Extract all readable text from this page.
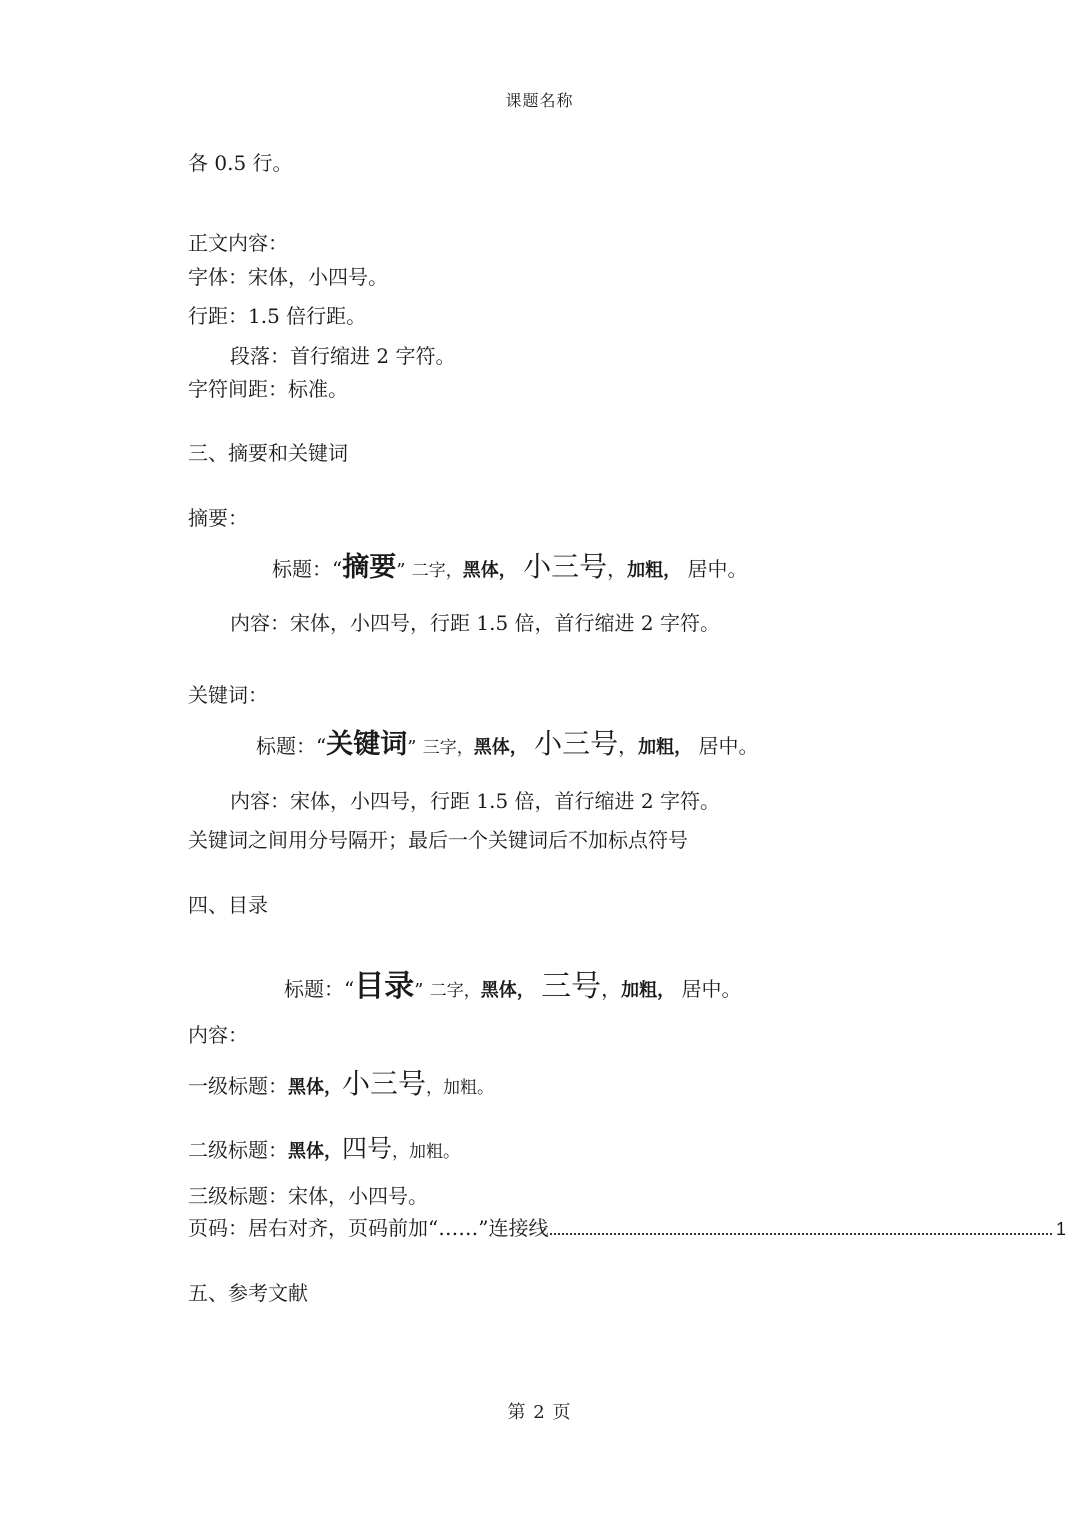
课题名称
各 0.5 行。
正文内容：
字体：宋体，小四号。
行距：1.5 倍行距。
段落：首行缩进 2 字符。
字符间距：标准。
三、摘要和关键词
摘要：
标题：“摘要” 二字，黑体， 小三号，加粗， 居中。
内容：宋体，小四号，行距 1.5 倍，首行缩进 2 字符。
关键词：
标题：“关键词” 三字，黑体， 小三号，加粗， 居中。
内容：宋体，小四号，行距 1.5 倍，首行缩进 2 字符。
关键词之间用分号隔开；最后一个关键词后不加标点符号
四、目录
标题：“目录” 二字，黑体， 三号，加粗， 居中。
内容：
一级标题：黑体，小三号，加粗。
二级标题：黑体，四号，加粗。
三级标题：宋体，小四号。
页码：居右对齐，页码前加“……”连接线	1
五、参考文献
第 2 页
